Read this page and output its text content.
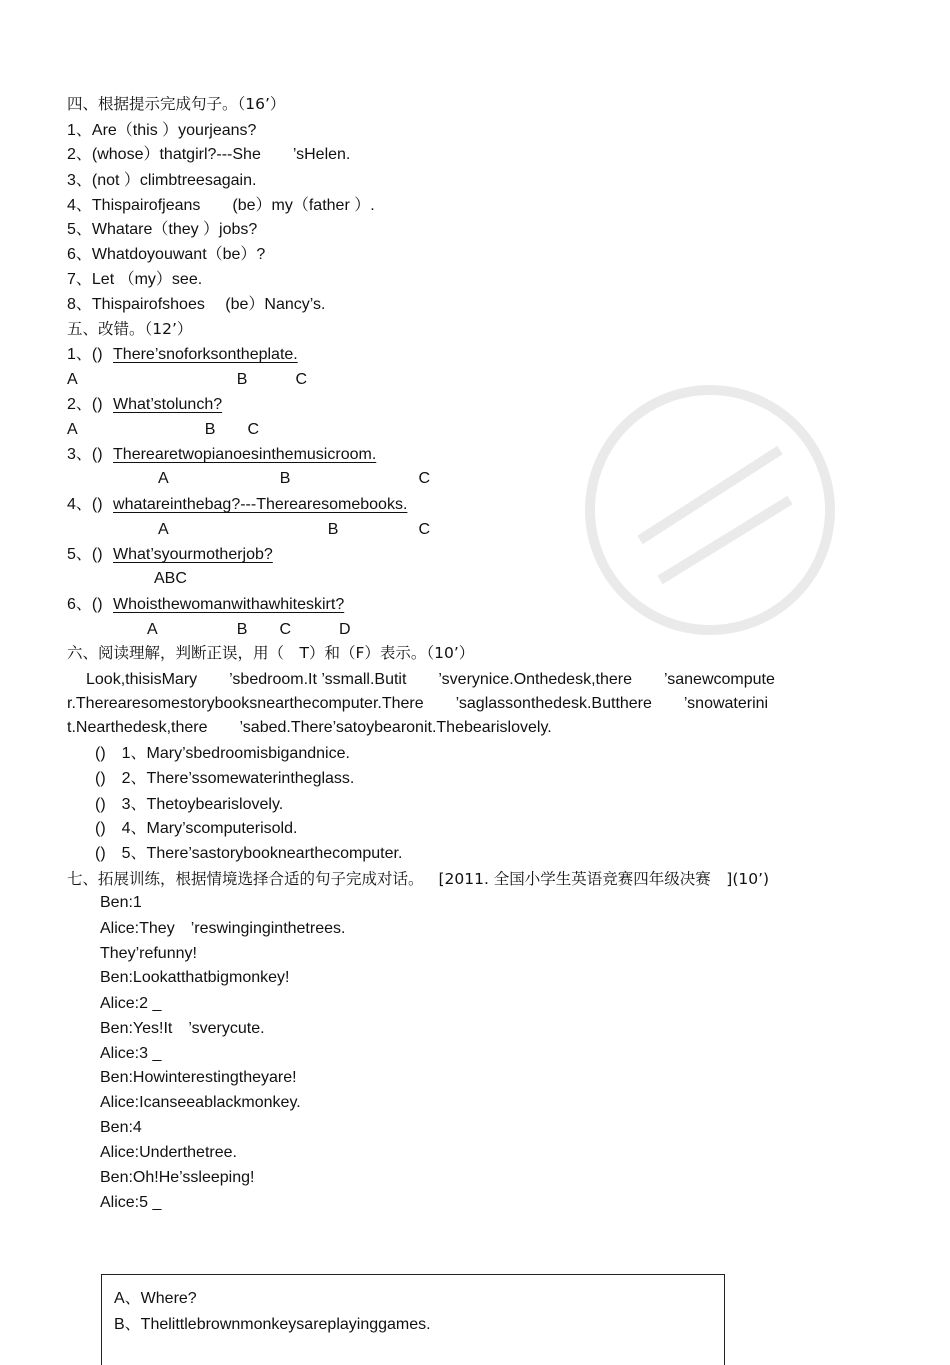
四、根据提示完成句子。（16’）
1、Are（this ）yourjeans?
2、(whose）thatgirl?---She　　’sHelen.
3、(not ）climbtreesagain.
4、Thispairofjeans　　(be）my（father ）.
5、Whatare（they ）jobs?
6、Whatdoyouwant（be）?
7、Let （my）see.
8、Thispairofshoes　 (be）Nancy’s.
五、改错。（12’）
1、() There’snoforksontheplate.
A　　　　　　　　　　B　　　C
2、() What’stolunch?
A　　　　　　　　B　　C
3、() Therearetwopianoesinthemusicroom.
A　　　　　　　B　　　　　　　　C
4、() whatareinthebag?---Therearesomebooks.
A　　　　　　　　　　B　　　　　C
5、() What’syourmotherjob?
ABC
6、() Whoisthewomanwithawhiteskirt?
A　　　　　B　　C　　　D
六、阅读理解，判断正误，用（　T）和（F）表示。（10’）
Look,thisisMary　　’sbedroom.It ’ssmall.Butit　　’sverynice.Onthedesk,there　　’sanewcompute
r.Therearesomestorybooksnearthecomputer.There　　’saglassonthedesk.Butthere　　’snowaterini
t.Nearthedesk,there　　’sabed.There’satoybearonit.Thebearislovely.
()　1、Mary’sbedroomisbigandnice.
()　2、There’ssomewaterintheglass.
()　3、Thetoybearislovely.
()　4、Mary’scomputerisold.
()　5、There’sastorybooknearthecomputer.
七、拓展训练，根据情境选择合适的句子完成对话。 [2011. 全国小学生英语竞赛四年级决赛　](10’)
Ben:1
Alice:They　’reswinginginthetrees.
They’refunny!
Ben:Lookatthatbigmonkey!
Alice:2 _
Ben:Yes!It　’sverycute.
Alice:3 _
Ben:Howinterestingtheyare!
Alice:Icanseeablackmonkey.
Ben:4
Alice:Underthetree.
Ben:Oh!He’ssleeping!
Alice:5 _
A、Where?
B、Thelittlebrownmonkeysareplayinggames.
